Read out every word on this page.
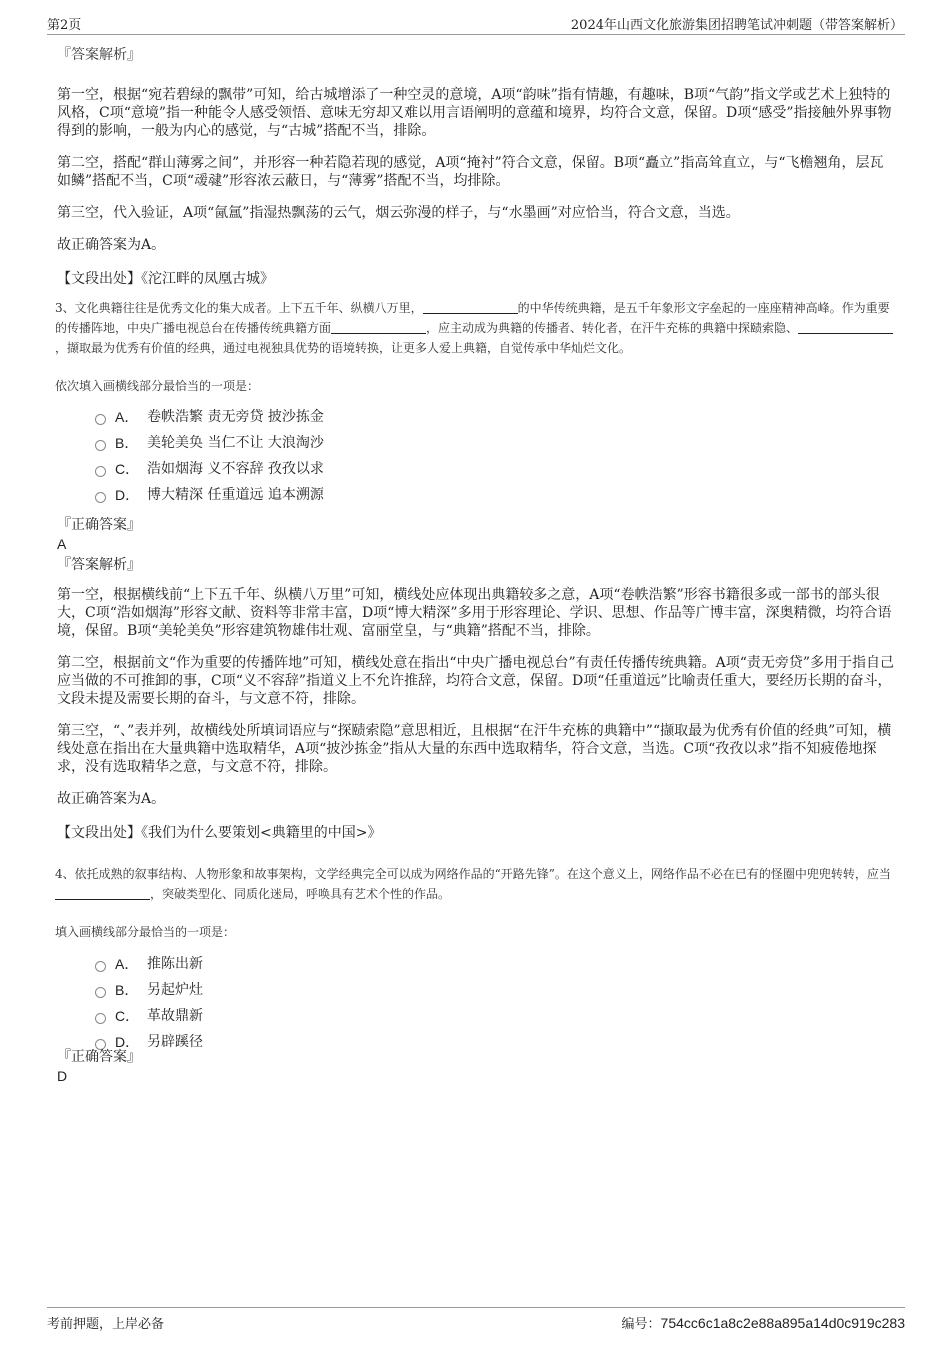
第2页	2024年山西文化旅游集团招聘笔试冲刺题（带答案解析）
『答案解析』

第一空，根据“宛若碧绿的飘带”可知，给古城增添了一种空灵的意境，A项“韵味”指有情趣，有趣味，B项“气韵”指文学或艺术上独特的风格，C项“意境”指一种能令人感受领悟、意味无穷却又难以用言语阐明的意蕴和境界，均符合文意，保留。D项“感受”指接触外界事物得到的影响，一般为内心的感觉，与“古城”搭配不当，排除。

第二空，搭配“群山薄雾之间”，并形容一种若隐若现的感觉，A项“掩衬”符合文意，保留。B项“矗立”指高耸直立，与“飞檐翘角，层瓦如鳞”搭配不当，C项“叆叇”形容浓云蔽日，与“薄雾”搭配不当，均排除。

第三空，代入验证，A项“氤氲”指湿热飘荡的云气，烟云弥漫的样子，与“水墨画”对应恰当，符合文意，当选。

故正确答案为A。

【文段出处】《沱江畔的凤凰古城》

3、文化典籍往往是优秀文化的集大成者。上下五千年、纵横八万里，	的中华传统典籍，是五千年象形文字垒起的一座座精神高峰。作为重要的传播阵地，中央广播电视总台在传播传统典籍方面	，应主动成为典籍的传播者、转化者，在汗牛充栋的典籍中探赜索隐、，撷取最为优秀有价值的经典，通过电视独具优势的语境转换，让更多人爱上典籍，自觉传承中华灿烂文化。

依次填入画横线部分最恰当的一项是：

A． 卷帙浩繁 责无旁贷 披沙拣金
B． 美轮美奂 当仁不让 大浪淘沙
C． 浩如烟海 义不容辞 孜孜以求
D． 博大精深 任重道远 追本溯源
『正确答案』
A
『答案解析』

第一空，根据横线前“上下五千年、纵横八万里”可知，横线处应体现出典籍较多之意，A项“卷帙浩繁”形容书籍很多或一部书的部头很大，C项“浩如烟海”形容文献、资料等非常丰富，D项“博大精深”多用于形容理论、学识、思想、作品等广博丰富，深奥精微，均符合语境，保留。B项“美轮美奂”形容建筑物雄伟壮观、富丽堂皇，与“典籍”搭配不当，排除。

第二空，根据前文“作为重要的传播阵地”可知，横线处意在指出“中央广播电视总台”有责任传播传统典籍。A项“责无旁贷”多用于指自己应当做的不可推卸的事，C项“义不容辞”指道义上不允许推辞，均符合文意，保留。D项“任重道远”比喻责任重大，要经历长期的奋斗，文段未提及需要长期的奋斗，与文意不符，排除。

第三空，“、”表并列，故横线处所填词语应与“探赜索隐”意思相近，且根据“在汗牛充栋的典籍中”“撷取最为优秀有价值的经典”可知，横线处意在指出在大量典籍中选取精华，A项“披沙拣金”指从大量的东西中选取精华，符合文意，当选。C项“孜孜以求”指不知疲倦地探求，没有选取精华之意，与文意不符，排除。

故正确答案为A。

【文段出处】《我们为什么要策划<典籍里的中国>》

4、依托成熟的叙事结构、人物形象和故事架构，文学经典完全可以成为网络作品的“开路先锋”。在这个意义上，网络作品不必在已有的怪圈中兜兜转转，应当，突破类型化、同质化迷局，呼唤具有艺术个性的作品。

填入画横线部分最恰当的一项是：

A． 推陈出新
B． 另起炉灶
C． 革故鼎新
D． 另辟蹊径
『正确答案』
D
考前押题，上岸必备	编号：754cc6c1a8c2e88a895a14d0c919c283
